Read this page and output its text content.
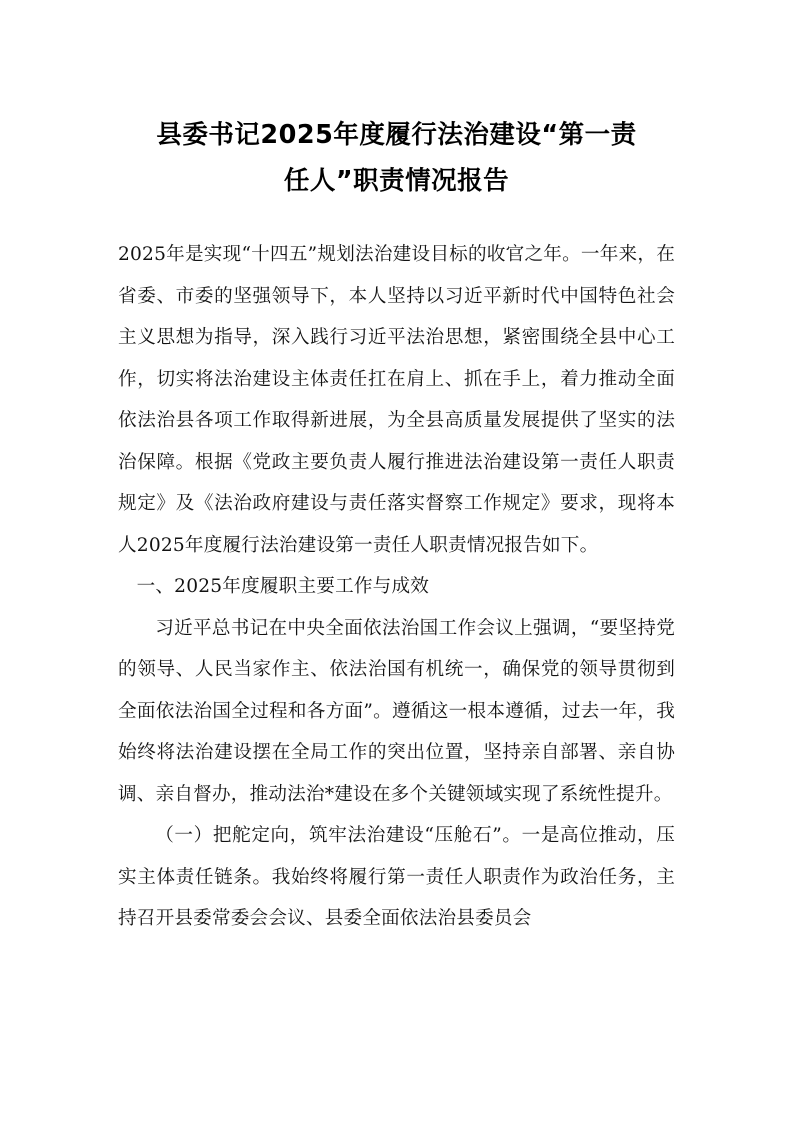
县委书记2025年度履行法治建设“第一责
任人”职责情况报告

2025年是实现“十四五”规划法治建设目标的收官之年。一年来，在省委、市委的坚强领导下，本人坚持以习近平新时代中国特色社会主义思想为指导，深入践行习近平法治思想，紧密围绕全县中心工作，切实将法治建设主体责任扛在肩上、抓在手上，着力推动全面依法治县各项工作取得新进展，为全县高质量发展提供了坚实的法治保障。根据《党政主要负责人履行推进法治建设第一责任人职责规定》及《法治政府建设与责任落实督察工作规定》要求，现将本人2025年度履行法治建设第一责任人职责情况报告如下。

一、2025年度履职主要工作与成效

习近平总书记在中央全面依法治国工作会议上强调，“要坚持党的领导、人民当家作主、依法治国有机统一，确保党的领导贯彻到全面依法治国全过程和各方面”。遵循这一根本遵循，过去一年，我始终将法治建设摆在全局工作的突出位置，坚持亲自部署、亲自协调、亲自督办，推动法治*建设在多个关键领域实现了系统性提升。

（一）把舵定向，筑牢法治建设“压舱石”。一是高位推动，压实主体责任链条。我始终将履行第一责任人职责作为政治任务，主持召开县委常委会会议、县委全面依法治县委员会
